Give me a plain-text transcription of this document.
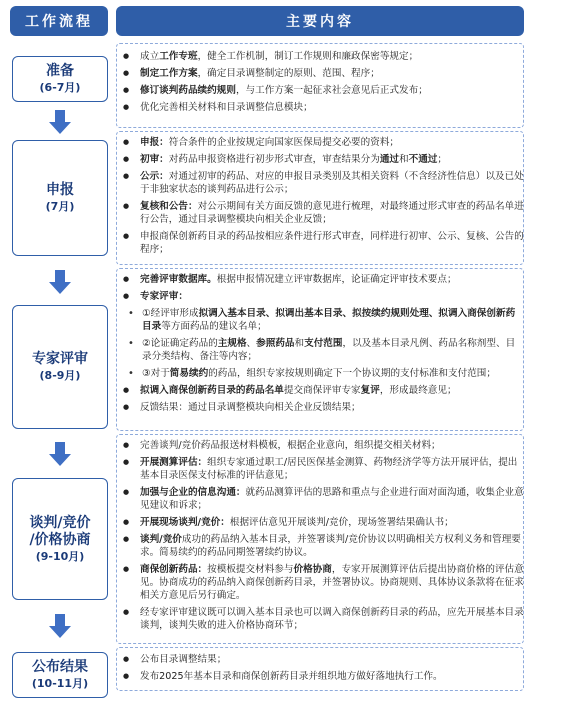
工作流程	主要内容
准备
(6-7月)
申报
(7月)
专家评审
(8-9月)
谈判/竞价
/价格协商
(9-10月)
公布结果
(10-11月)
● 成立工作专班，健全工作机制，制订工作规则和廉政保密等规定；
● 制定工作方案，确定目录调整制定的原则、范围、程序；
● 修订谈判药品续约规则，与工作方案一起征求社会意见后正式发布；
● 优化完善相关材料和目录调整信息模块；
● 申报：符合条件的企业按规定向国家医保局提交必要的资料；
● 初审：对药品申报资格进行初步形式审查，审查结果分为通过和不通过；
● 公示：对通过初审的药品、对应的申报目录类别及其相关资料（不含经济性信息）以及已处于非独家状态的谈判药品进行公示；
● 复核和公告：对公示期间有关方面反馈的意见进行梳理，对最终通过形式审查的药品名单进行公告，通过目录调整模块向相关企业反馈；
● 申报商保创新药目录的药品按相应条件进行形式审查，同样进行初审、公示、复核、公告的程序；
● 完善评审数据库。根据申报情况建立评审数据库，论证确定评审技术要点；
● 专家评审：
• ①经评审形成拟调入基本目录、拟调出基本目录、拟按续约规则处理、拟调入商保创新药目录等方面药品的建议名单；
• ②论证确定药品的主规格、参照药品和支付范围，以及基本目录凡例、药品名称剂型、目录分类结构、备注等内容；
• ③对于简易续约的药品，组织专家按规则确定下一个协议期的支付标准和支付范围；
● 拟调入商保创新药目录的药品名单提交商保评审专家复评，形成最终意见；
● 反馈结果：通过目录调整模块向相关企业反馈结果；
● 完善谈判/竞价药品报送材料模板，根据企业意向，组织提交相关材料；
● 开展测算评估：组织专家通过职工/居民医保基金测算、药物经济学等方法开展评估，提出基本目录医保支付标准的评估意见；
● 加强与企业的信息沟通：就药品测算评估的思路和重点与企业进行面对面沟通，收集企业意见建议和诉求；
● 开展现场谈判/竞价：根据评估意见开展谈判/竞价，现场签署结果确认书；
● 谈判/竞价成功的药品纳入基本目录，并签署谈判/竞价协议以明确相关方权利义务和管理要求。简易续约的药品同期签署续约协议。
● 商保创新药品：按模板提交材料参与价格协商，专家开展测算评估后提出协商价格的评估意见。协商成功的药品纳入商保创新药目录，并签署协议。协商规则、具体协议条款将在征求相关方意见后另行确定。
● 经专家评审建议既可以调入基本目录也可以调入商保创新药目录的药品，应先开展基本目录谈判，谈判失败的进入价格协商环节；
● 公布目录调整结果；
● 发布2025年基本目录和商保创新药目录并组织地方做好落地执行工作。
